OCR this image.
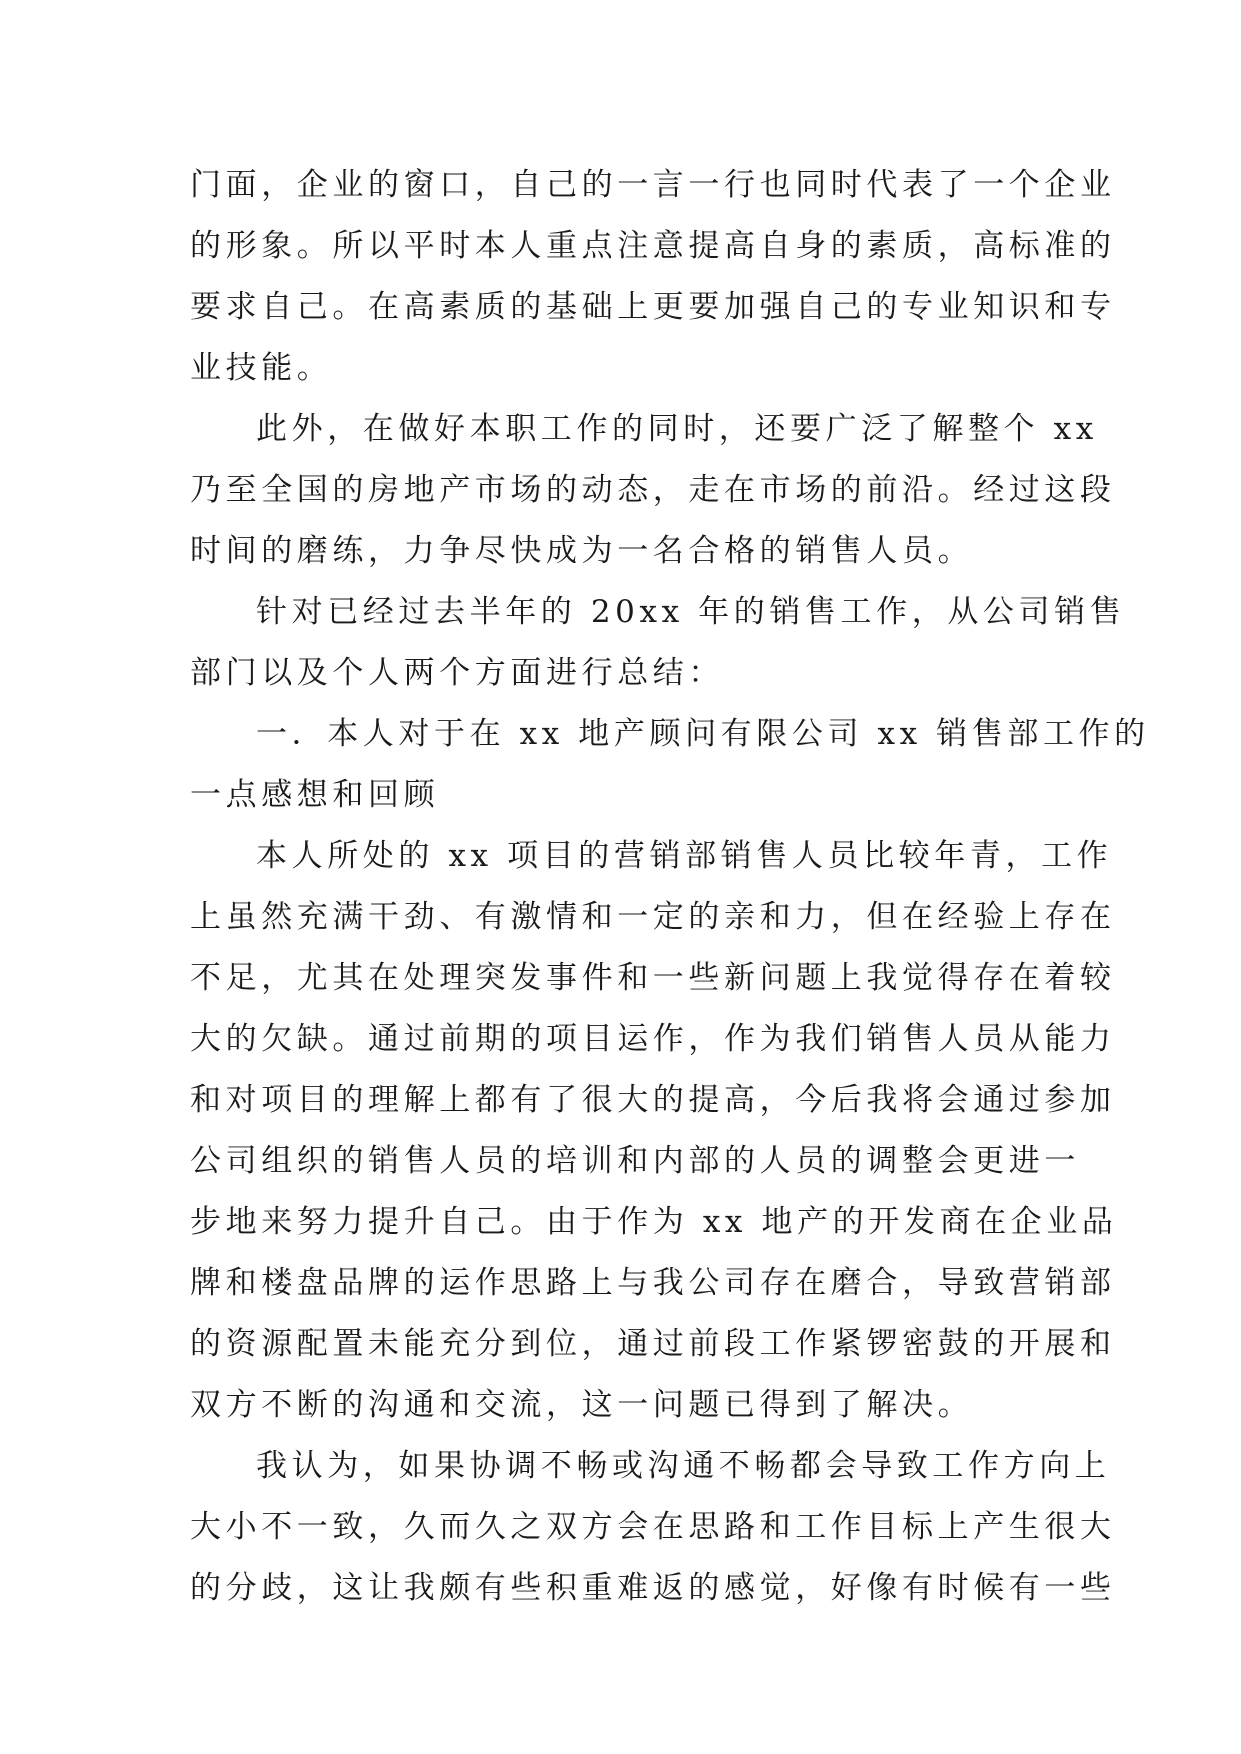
门面，企业的窗口，自己的一言一行也同时代表了一个企业
的形象。所以平时本人重点注意提高自身的素质，高标准的
要求自己。在高素质的基础上更要加强自己的专业知识和专
业技能。
此外，在做好本职工作的同时，还要广泛了解整个 xx
乃至全国的房地产市场的动态，走在市场的前沿。经过这段
时间的磨练，力争尽快成为一名合格的销售人员。
针对已经过去半年的 20xx 年的销售工作，从公司销售
部门以及个人两个方面进行总结：
一．本人对于在 xx 地产顾问有限公司 xx 销售部工作的
一点感想和回顾
本人所处的 xx 项目的营销部销售人员比较年青，工作
上虽然充满干劲、有激情和一定的亲和力，但在经验上存在
不足，尤其在处理突发事件和一些新问题上我觉得存在着较
大的欠缺。通过前期的项目运作，作为我们销售人员从能力
和对项目的理解上都有了很大的提高，今后我将会通过参加
公司组织的销售人员的培训和内部的人员的调整会更进一
步地来努力提升自己。由于作为 xx 地产的开发商在企业品
牌和楼盘品牌的运作思路上与我公司存在磨合，导致营销部
的资源配置未能充分到位，通过前段工作紧锣密鼓的开展和
双方不断的沟通和交流，这一问题已得到了解决。
我认为，如果协调不畅或沟通不畅都会导致工作方向上
大小不一致，久而久之双方会在思路和工作目标上产生很大
的分歧，这让我颇有些积重难返的感觉，好像有时候有一些
